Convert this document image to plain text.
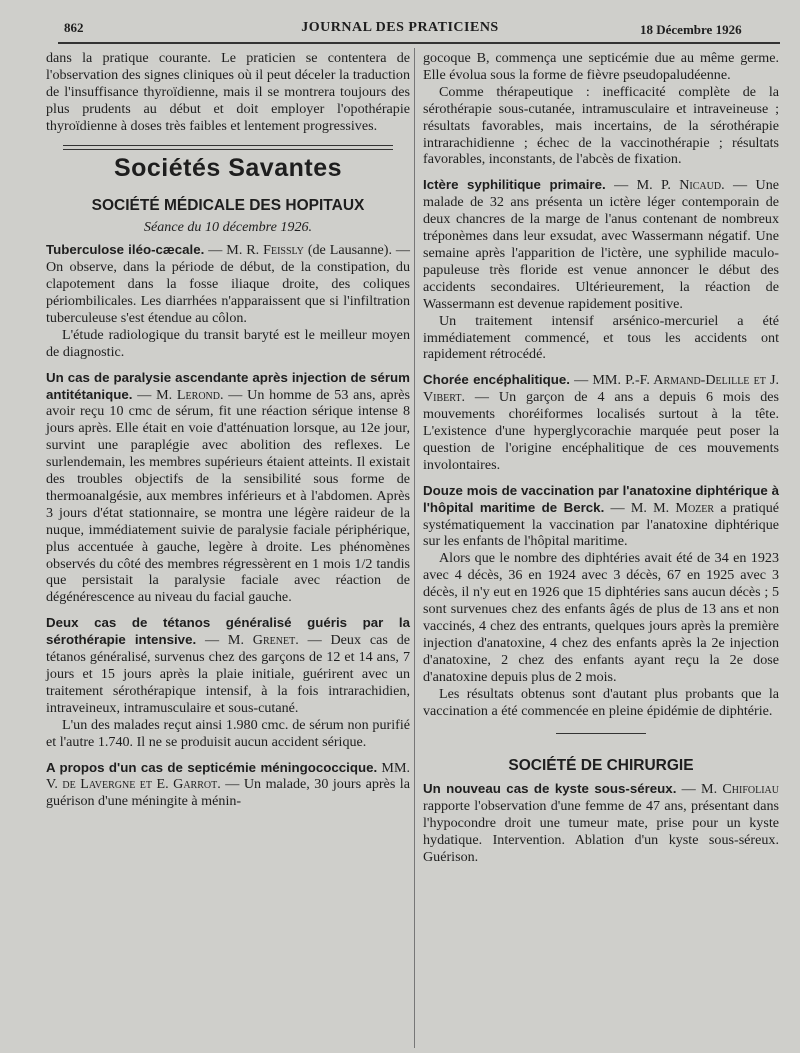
862	JOURNAL DES PRATICIENS	18 Décembre 1926

dans la pratique courante. Le praticien se contentera de l'observation des signes cliniques où il peut déceler la traduction de l'insuffisance thyroïdienne, mais il se montrera toujours des plus prudents au début et doit employer l'opothérapie thyroïdienne à doses très faibles et lentement progressives.

Sociétés Savantes
SOCIÉTÉ MÉDICALE DES HOPITAUX

Séance du 10 décembre 1926.

Tuberculose iléo-cæcale. — M. R. Feissly (de Lausanne). — On observe, dans la période de début, de la constipation, du clapotement dans la fosse iliaque droite, des coliques périombilicales. Les diarrhées n'apparaissent que si l'infiltration tuberculeuse s'est étendue au côlon.

L'étude radiologique du transit baryté est le meilleur moyen de diagnostic.

Un cas de paralysie ascendante après injection de sérum antitétanique. — M. Lerond. — Un homme de 53 ans, après avoir reçu 10 cmc de sérum, fit une réaction sérique intense 8 jours après. Elle était en voie d'atténuation lorsque, au 12e jour, survint une paraplégie avec abolition des reflexes. Le surlendemain, les membres supérieurs étaient atteints. Il existait des troubles objectifs de la sensibilité sous forme de thermoanalgésie, aux membres inférieurs et à l'abdomen. Après 3 jours d'état stationnaire, se montra une légère raideur de la nuque, immédiatement suivie de paralysie faciale périphérique, plus accentuée à gauche, legère à droite. Les phénomènes observés du côté des membres régressèrent en 1 mois 1/2 tandis que persistait la paralysie faciale avec réaction de dégénérescence au niveau du facial gauche.

Deux cas de tétanos généralisé guéris par la sérothérapie intensive. — M. Grenet. — Deux cas de tétanos généralisé, survenus chez des garçons de 12 et 14 ans, 7 jours et 15 jours après la plaie initiale, guérirent avec un traitement sérothérapique intensif, à la fois intrarachidien, intraveineux, intramusculaire et sous-cutané.

L'un des malades reçut ainsi 1.980 cmc. de sérum non purifié et l'autre 1.740. Il ne se produisit aucun accident sérique.

A propos d'un cas de septicémie méningococcique. MM. V. de Lavergne et E. Garrot. — Un malade, 30 jours après la guérison d'une méningite à ménin-

gocoque B, commença une septicémie due au même germe. Elle évolua sous la forme de fièvre pseudopaludéenne.

Comme thérapeutique : inefficacité complète de la sérothérapie sous-cutanée, intramusculaire et intraveineuse ; résultats favorables, mais incertains, de la sérothérapie intrarachidienne ; échec de la vaccinothérapie ; résultats favorables, inconstants, de l'abcès de fixation.

Ictère syphilitique primaire. — M. P. Nicaud. — Une malade de 32 ans présenta un ictère léger contemporain de deux chancres de la marge de l'anus contenant de nombreux tréponèmes dans leur exsudat, avec Wassermann négatif. Une semaine après l'apparition de l'ictère, une syphilide maculo-papuleuse très floride est venue annoncer le début des accidents secondaires. Ultérieurement, la réaction de Wassermann est devenue rapidement positive.

Un traitement intensif arsénico-mercuriel a été immédiatement commencé, et tous les accidents ont rapidement rétrocédé.

Chorée encéphalitique. — MM. P.-F. Armand-Delille et J. Vibert. — Un garçon de 4 ans a depuis 6 mois des mouvements choréiformes localisés surtout à la tête. L'existence d'une hyperglycorachie marquée peut poser la question de l'origine encéphalitique de ces mouvements involontaires.

Douze mois de vaccination par l'anatoxine diphtérique à l'hôpital maritime de Berck. — M. M. Mozer a pratiqué systématiquement la vaccination par l'anatoxine diphtérique sur les enfants de l'hôpital maritime.

Alors que le nombre des diphtéries avait été de 34 en 1923 avec 4 décès, 36 en 1924 avec 3 décès, 67 en 1925 avec 3 décès, il n'y eut en 1926 que 15 diphtéries sans aucun décès ; 5 sont survenues chez des enfants âgés de plus de 13 ans et non vaccinés, 4 chez des entrants, quelques jours après la première injection d'anatoxine, 4 chez des enfants après la 2e injection d'anatoxine, 2 chez des enfants ayant reçu la 2e dose d'anatoxine depuis plus de 2 mois.

Les résultats obtenus sont d'autant plus probants que la vaccination a été commencée en pleine épidémie de diphtérie.

SOCIÉTÉ DE CHIRURGIE

Un nouveau cas de kyste sous-séreux. — M. Chifoliau rapporte l'observation d'une femme de 47 ans, présentant dans l'hypocondre droit une tumeur mate, prise pour un kyste hydatique. Intervention. Ablation d'un kyste sous-séreux. Guérison.
